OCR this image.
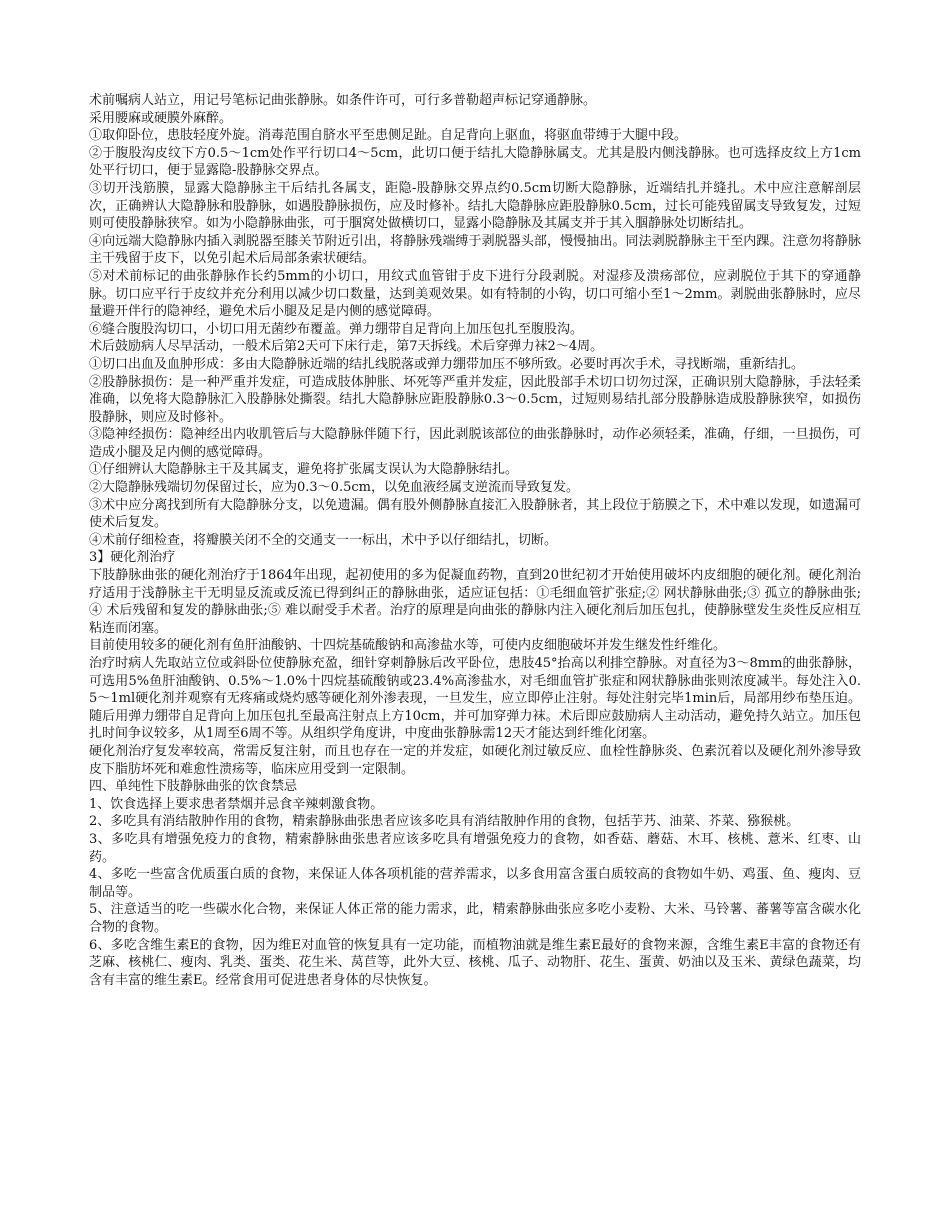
术前嘱病人站立，用记号笔标记曲张静脉。如条件许可，可行多普勒超声标记穿通静脉。

采用腰麻或硬膜外麻醉。

①取仰卧位，患肢轻度外旋。消毒范围自脐水平至患侧足趾。自足背向上驱血，将驱血带缚于大腿中段。

②于腹股沟皮纹下方0.5～1cm处作平行切口4～5cm，此切口便于结扎大隐静脉属支。尤其是股内侧浅静脉。也可选择皮纹上方1cm处平行切口，便于显露隐-股静脉交界点。

③切开浅筋膜，显露大隐静脉主干后结扎各属支，距隐-股静脉交界点约0.5cm切断大隐静脉，近端结扎并缝扎。术中应注意解剖层次，正确辨认大隐静脉和股静脉，如遇股静脉损伤，应及时修补。结扎大隐静脉应距股静脉0.5cm，过长可能残留属支导致复发，过短则可使股静脉狭窄。如为小隐静脉曲张，可于腘窝处做横切口，显露小隐静脉及其属支并于其入腘静脉处切断结扎。

④向远端大隐静脉内插入剥脱器至膝关节附近引出，将静脉残端缚于剥脱器头部，慢慢抽出。同法剥脱静脉主干至内踝。注意勿将静脉主干残留于皮下，以免引起术后局部条索状硬结。

⑤对术前标记的曲张静脉作长约5mm的小切口，用纹式血管钳于皮下进行分段剥脱。对湿疹及溃疡部位，应剥脱位于其下的穿通静脉。切口应平行于皮纹并充分利用以减少切口数量，达到美观效果。如有特制的小钩，切口可缩小至1～2mm。剥脱曲张静脉时，应尽量避开伴行的隐神经，避免术后小腿及足是内侧的感觉障碍。

⑥缝合腹股沟切口，小切口用无菌纱布覆盖。弹力绷带自足背向上加压包扎至腹股沟。

术后鼓励病人尽早活动，一般术后第2天可下床行走，第7天拆线。术后穿弹力袜2～4周。

①切口出血及血肿形成：多由大隐静脉近端的结扎线脱落或弹力绷带加压不够所致。必要时再次手术，寻找断端，重新结扎。

②股静脉损伤：是一种严重并发症，可造成肢体肿胀、坏死等严重并发症，因此股部手术切口切勿过深，正确识别大隐静脉，手法轻柔准确，以免将大隐静脉汇入股静脉处撕裂。结扎大隐静脉应距股静脉0.3～0.5cm，过短则易结扎部分股静脉造成股静脉狭窄，如损伤股静脉，则应及时修补。

③隐神经损伤：隐神经出内收肌管后与大隐静脉伴随下行，因此剥脱该部位的曲张静脉时，动作必须轻柔，准确，仔细，一旦损伤，可造成小腿及足内侧的感觉障碍。

①仔细辨认大隐静脉主干及其属支，避免将扩张属支误认为大隐静脉结扎。

②大隐静脉残端切勿保留过长，应为0.3～0.5cm，以免血液经属支逆流而导致复发。

③术中应分离找到所有大隐静脉分支，以免遗漏。偶有股外侧静脉直接汇入股静脉者，其上段位于筋膜之下，术中难以发现，如遗漏可使术后复发。

④术前仔细检查，将瓣膜关闭不全的交通支一一标出，术中予以仔细结扎，切断。

3】硬化剂治疗

下肢静脉曲张的硬化剂治疗于1864年出现，起初使用的多为促凝血药物，直到20世纪初才开始使用破坏内皮细胞的硬化剂。硬化剂治疗适用于浅静脉主干无明显反流或反流已得到纠正的静脉曲张，适应证包括：①毛细血管扩张症;② 网状静脉曲张;③ 孤立的静脉曲张;④ 术后残留和复发的静脉曲张;⑤ 难以耐受手术者。治疗的原理是向曲张的静脉内注入硬化剂后加压包扎，使静脉壁发生炎性反应相互粘连而闭塞。

目前使用较多的硬化剂有鱼肝油酸钠、十四烷基硫酸钠和高渗盐水等，可使内皮细胞破坏并发生继发性纤维化。

治疗时病人先取站立位或斜卧位使静脉充盈，细针穿刺静脉后改平卧位，患肢45°抬高以利排空静脉。对直径为3～8mm的曲张静脉，可选用5%鱼肝油酸钠、0.5%～1.0%十四烷基硫酸钠或23.4%高渗盐水，对毛细血管扩张症和网状静脉曲张则浓度减半。每处注入0.5～1ml硬化剂并观察有无疼痛或烧灼感等硬化剂外渗表现，一旦发生，应立即停止注射。每处注射完毕1min后，局部用纱布垫压迫。随后用弹力绷带自足背向上加压包扎至最高注射点上方10cm，并可加穿弹力袜。术后即应鼓励病人主动活动，避免持久站立。加压包扎时间争议较多，从1周至6周不等。从组织学角度讲，中度曲张静脉需12天才能达到纤维化闭塞。

硬化剂治疗复发率较高，常需反复注射，而且也存在一定的并发症，如硬化剂过敏反应、血栓性静脉炎、色素沉着以及硬化剂外渗导致皮下脂肪坏死和难愈性溃疡等，临床应用受到一定限制。

四、单纯性下肢静脉曲张的饮食禁忌

1、饮食选择上要求患者禁烟并忌食辛辣刺激食物。

2、多吃具有消结散肿作用的食物，精索静脉曲张患者应该多吃具有消结散肿作用的食物，包括芋艿、油菜、芥菜、猕猴桃。

3、多吃具有增强免疫力的食物，精索静脉曲张患者应该多吃具有增强免疫力的食物，如香菇、蘑菇、木耳、核桃、薏米、红枣、山药。

4、多吃一些富含优质蛋白质的食物，来保证人体各项机能的营养需求，以多食用富含蛋白质较高的食物如牛奶、鸡蛋、鱼、瘦肉、豆制品等。

5、注意适当的吃一些碳水化合物，来保证人体正常的能力需求，此，精索静脉曲张应多吃小麦粉、大米、马铃薯、蕃薯等富含碳水化合物的食物。

6、多吃含维生素E的食物，因为维E对血管的恢复具有一定功能，而植物油就是维生素E最好的食物来源，含维生素E丰富的食物还有芝麻、核桃仁、瘦肉、乳类、蛋类、花生米、莴苣等，此外大豆、核桃、瓜子、动物肝、花生、蛋黄、奶油以及玉米、黄绿色蔬菜，均含有丰富的维生素E。经常食用可促进患者身体的尽快恢复。
